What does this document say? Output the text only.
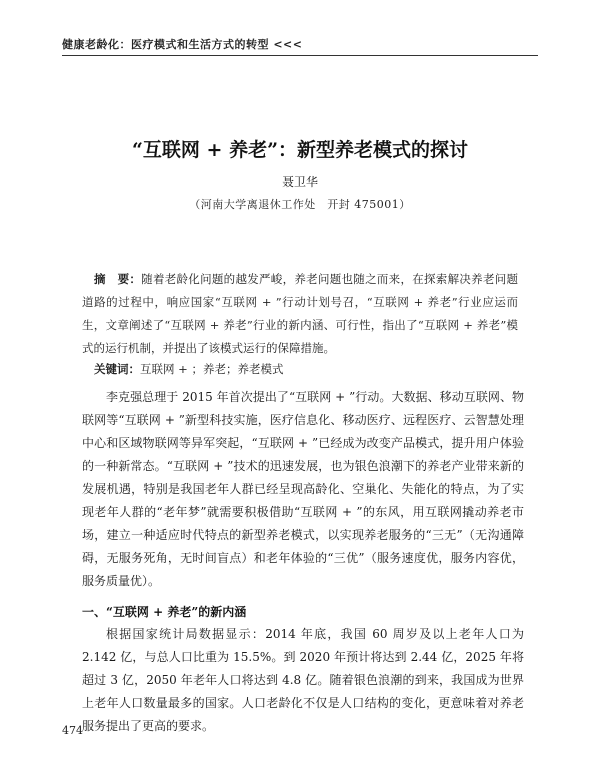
健康老龄化：医疗模式和生活方式的转型 <<<
“互联网 + 养老”：新型养老模式的探讨
聂卫华
（河南大学离退休工作处　开封 475001）
摘　要：随着老龄化问题的越发严峻，养老问题也随之而来，在探索解决养老问题道路的过程中，响应国家“互联网 + ”行动计划号召，“互联网 + 养老”行业应运而生，文章阐述了“互联网 + 养老”行业的新内涵、可行性，指出了“互联网 + 养老”模式的运行机制，并提出了该模式运行的保障措施。
关键词：互联网 + ；养老；养老模式
李克强总理于 2015 年首次提出了“互联网 + ”行动。大数据、移动互联网、物联网等“互联网 + ”新型科技实施，医疗信息化、移动医疗、远程医疗、云智慧处理中心和区域物联网等异军突起，“互联网 + ”已经成为改变产品模式，提升用户体验的一种新常态。“互联网 + ”技术的迅速发展，也为银色浪潮下的养老产业带来新的发展机遇，特别是我国老年人群已经呈现高龄化、空巢化、失能化的特点，为了实现老年人群的“老年梦”就需要积极借助“互联网 + ”的东风，用互联网撬动养老市场，建立一种适应时代特点的新型养老模式，以实现养老服务的“三无”（无沟通障碍，无服务死角，无时间盲点）和老年体验的“三优”（服务速度优，服务内容优，服务质量优）。
一、“互联网 + 养老”的新内涵
根据国家统计局数据显示：2014 年底，我国 60 周岁及以上老年人口为 2.142 亿，与总人口比重为 15.5%。到 2020 年预计将达到 2.44 亿，2025 年将超过 3 亿，2050 年老年人口将达到 4.8 亿。随着银色浪潮的到来，我国成为世界上老年人口数量最多的国家。人口老龄化不仅是人口结构的变化，更意味着对养老服务提出了更高的要求。
474
